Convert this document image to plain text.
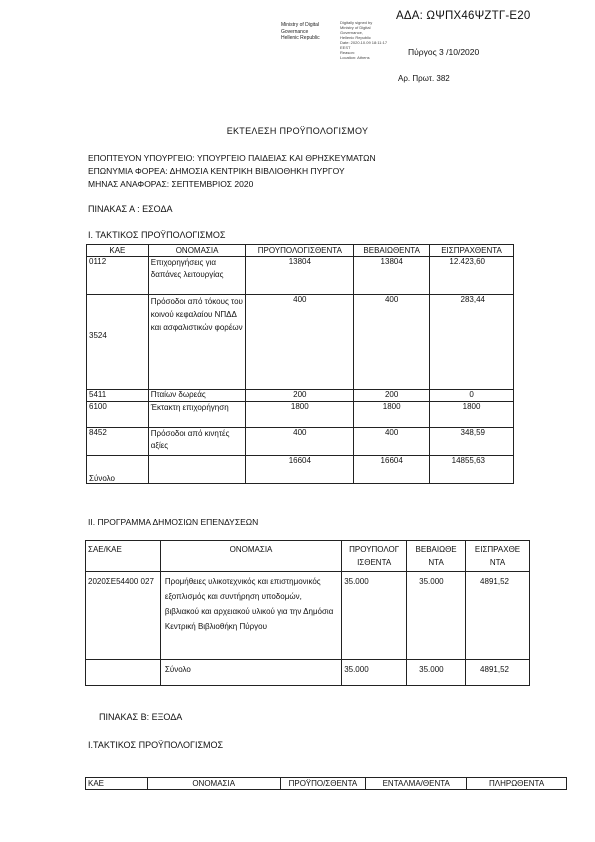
ΑΔΑ: ΩΨΠΧ46ΨΖΤΓ-Ε20
Ministry of Digital
Governance
Hellenic Republic
Digitally signed by
Ministry of Digital
Governance,
Hellenic Republic
Date: 2020.10.09 18:11:17
EEST
Reason:
Location: Athens
Πύργος 3 /10/2020
Αρ. Πρωτ. 382
ΕΚΤΕΛΕΣΗ ΠΡΟΫΠΟΛΟΓΙΣΜΟΥ
ΕΠΟΠΤΕΥΟΝ ΥΠΟΥΡΓΕΙΟ: ΥΠΟΥΡΓΕΙΟ ΠΑΙΔΕΙΑΣ ΚΑΙ ΘΡΗΣΚΕΥΜΑΤΩΝ
ΕΠΩΝΥΜΙΑ ΦΟΡΕΑ: ΔΗΜΟΣΙΑ ΚΕΝΤΡΙΚΗ ΒΙΒΛΙΟΘΗΚΗ ΠΥΡΓΟΥ
ΜΗΝΑΣ ΑΝΑΦΟΡΑΣ: ΣΕΠΤΕΜΒΡΙΟΣ 2020
ΠΙΝΑΚΑΣ Α : ΕΣΟΔΑ
Ι. ΤΑΚΤΙΚΟΣ ΠΡΟΫΠΟΛΟΓΙΣΜΟΣ
ΚΑΕ	ΟΝΟΜΑΣΙΑ	ΠΡΟΥΠΟΛΟΓΙΣΘΕΝΤΑ	ΒΕΒΑΙΩΘΕΝΤΑ	ΕΙΣΠΡΑΧΘΕΝΤΑ
0112	Επιχορηγήσεις για δαπάνες λειτουργίας	13804	13804	12.423,60
3524	Πρόσοδοι από τόκους του κοινού κεφαλαίου ΝΠΔΔ και ασφαλιστικών φορέων	400	400	283,44
5411	Πταίων δωρεάς	200	200	0
6100	Έκτακτη επιχορήγηση	1800	1800	1800
8452	Πρόσοδοι από κινητές αξίες	400	400	348,59
Σύνολο		16604	16604	14855,63
ΙΙ. ΠΡΟΓΡΑΜΜΑ ΔΗΜΟΣΙΩΝ ΕΠΕΝΔΥΣΕΩΝ
ΣΑΕ/ΚΑΕ	ΟΝΟΜΑΣΙΑ	ΠΡΟΥΠΟΛΟΓ ΙΣΘΕΝΤΑ	ΒΕΒΑΙΩΘΕ ΝΤΑ	ΕΙΣΠΡΑΧΘΕ ΝΤΑ
2020ΣΕ54400 027	Προμήθειες υλικοτεχνικός και επιστημονικός εξοπλισμός και συντήρηση υποδομών, βιβλιακού και αρχειακού υλικού για την Δημόσια Κεντρική Βιβλιοθήκη Πύργου	35.000	35.000	4891,52
	Σύνολο	35.000	35.000	4891,52
ΠΙΝΑΚΑΣ Β: ΕΞΟΔΑ
Ι.ΤΑΚΤΙΚΟΣ ΠΡΟΫΠΟΛΟΓΙΣΜΟΣ
ΚΑΕ	ΟΝΟΜΑΣΙΑ	ΠΡΟΫΠΟ/ΣΘΕΝΤΑ	ΕΝΤΑΛΜΑ/ΘΕΝΤΑ	ΠΛΗΡΩΘΕΝΤΑ
